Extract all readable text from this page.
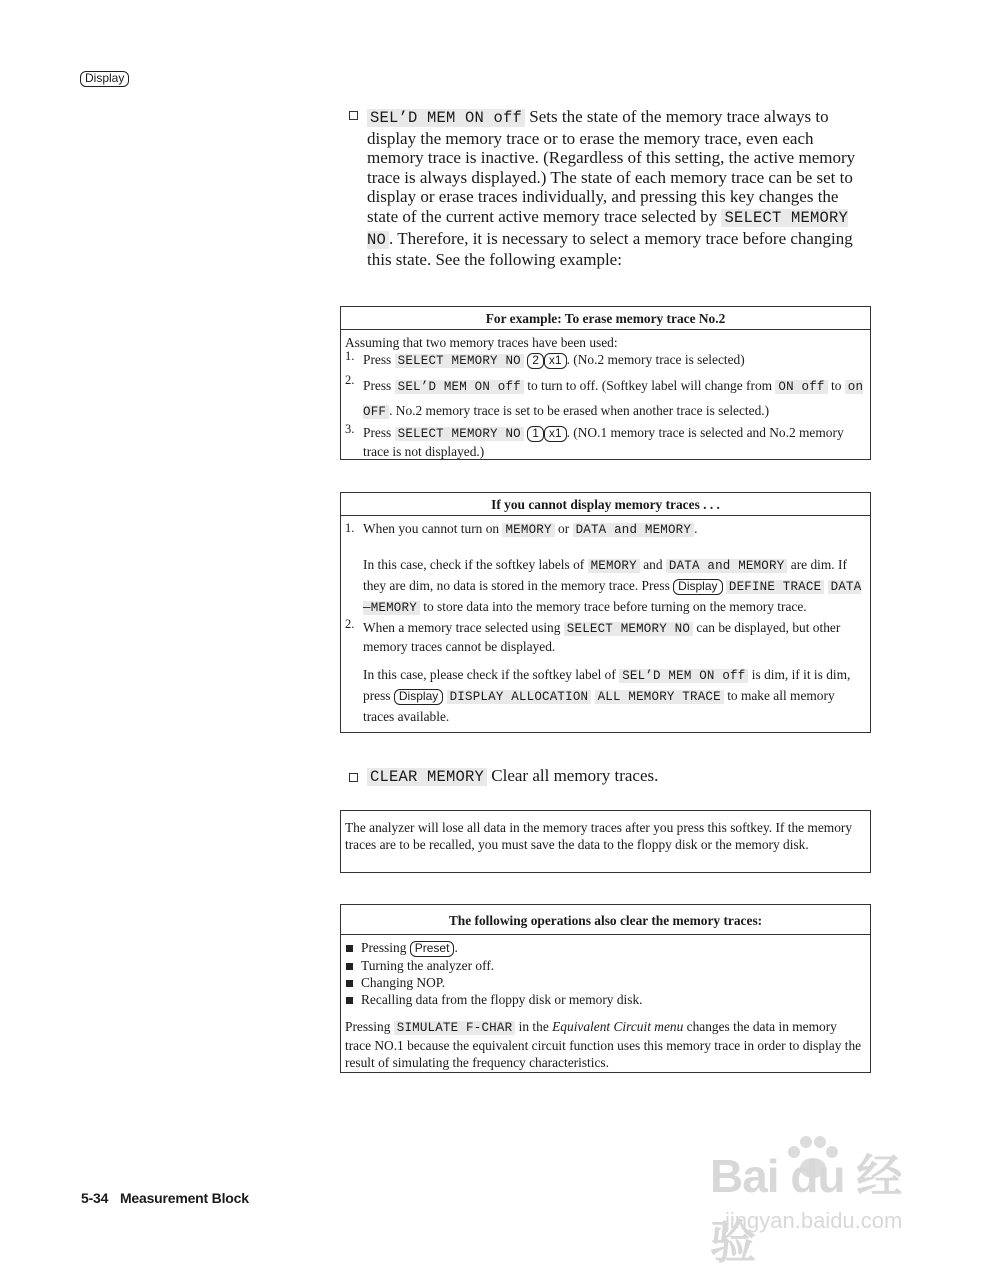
Display

SEL’D MEM ON off Sets the state of the memory trace always to display the memory trace or to erase the memory trace, even each memory trace is inactive. (Regardless of this setting, the active memory trace is always displayed.) The state of each memory trace can be set to display or erase traces individually, and pressing this key changes the state of the current active memory trace selected by SELECT MEMORY NO . Therefore, it is necessary to select a memory trace before changing this state. See the following example:

For example: To erase memory trace No.2
Assuming that two memory traces have been used:
1. Press SELECT MEMORY NO 2 x1 . (No.2 memory trace is selected)
2. Press SEL’D MEM ON off to turn to off. (Softkey label will change from ON off to on OFF . No.2 memory trace is set to be erased when another trace is selected.)
3. Press SELECT MEMORY NO 1 x1 . (NO.1 memory trace is selected and No.2 memory trace is not displayed.)
If you cannot display memory traces . . .
1. When you cannot turn on MEMORY or DATA and MEMORY .
In this case, check if the softkey labels of MEMORY and DATA and MEMORY are dim. If they are dim, no data is stored in the memory trace. Press Display DEFINE TRACE DATA—MEMORY to store data into the memory trace before turning on the memory trace.
2. When a memory trace selected using SELECT MEMORY NO can be displayed, but other memory traces cannot be displayed.
In this case, please check if the softkey label of SEL’D MEM ON off is dim, if it is dim, press Display DISPLAY ALLOCATION ALL MEMORY TRACE to make all memory traces available.

CLEAR MEMORY Clear all memory traces.

The analyzer will lose all data in the memory traces after you press this softkey. If the memory traces are to be recalled, you must save the data to the floppy disk or the memory disk.
The following operations also clear the memory traces:
Pressing Preset .
Turning the analyzer off.
Changing NOP.
Recalling data from the floppy disk or memory disk.
Pressing SIMULATE F-CHAR in the Equivalent Circuit menu changes the data in memory trace NO.1 because the equivalent circuit function uses this memory trace in order to display the result of simulating the frequency characteristics.
5-34 Measurement Block	Bai du 经验
jingyan.baidu.com
